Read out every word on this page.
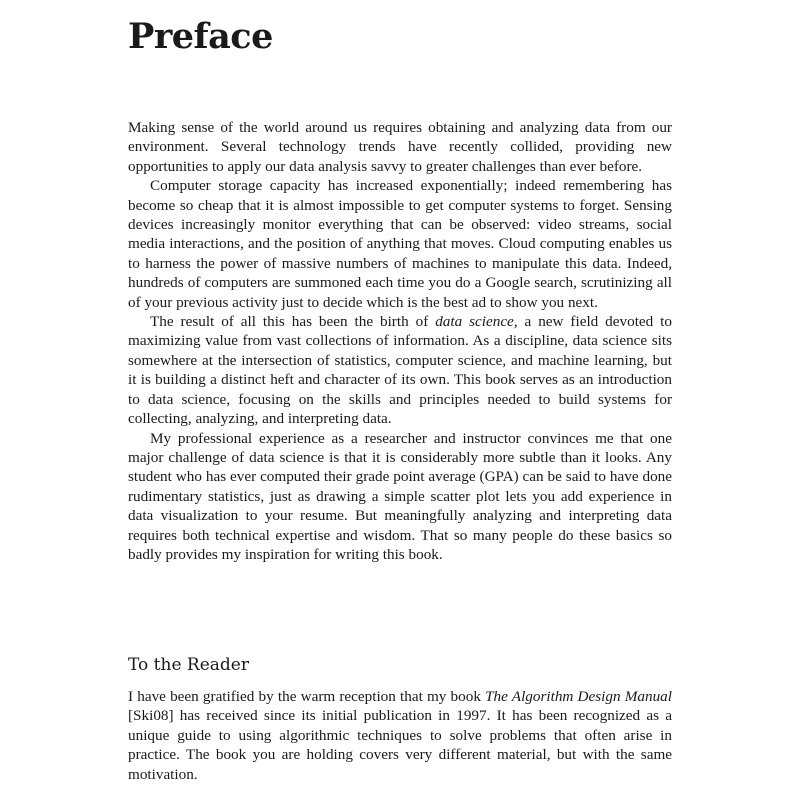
Preface

Making sense of the world around us requires obtaining and analyzing data from our environment. Several technology trends have recently collided, providing new opportunities to apply our data analysis savvy to greater challenges than ever before.

Computer storage capacity has increased exponentially; indeed remembering has become so cheap that it is almost impossible to get computer systems to forget. Sensing devices increasingly monitor everything that can be observed: video streams, social media interactions, and the position of anything that moves. Cloud computing enables us to harness the power of massive numbers of machines to manipulate this data. Indeed, hundreds of computers are summoned each time you do a Google search, scrutinizing all of your previous activity just to decide which is the best ad to show you next.

The result of all this has been the birth of data science, a new field devoted to maximizing value from vast collections of information. As a discipline, data science sits somewhere at the intersection of statistics, computer science, and machine learning, but it is building a distinct heft and character of its own. This book serves as an introduction to data science, focusing on the skills and principles needed to build systems for collecting, analyzing, and interpreting data.

My professional experience as a researcher and instructor convinces me that one major challenge of data science is that it is considerably more subtle than it looks. Any student who has ever computed their grade point average (GPA) can be said to have done rudimentary statistics, just as drawing a simple scatter plot lets you add experience in data visualization to your resume. But meaningfully analyzing and interpreting data requires both technical expertise and wisdom. That so many people do these basics so badly provides my inspiration for writing this book.

To the Reader

I have been gratified by the warm reception that my book The Algorithm Design Manual [Ski08] has received since its initial publication in 1997. It has been recognized as a unique guide to using algorithmic techniques to solve problems that often arise in practice. The book you are holding covers very different material, but with the same motivation.
